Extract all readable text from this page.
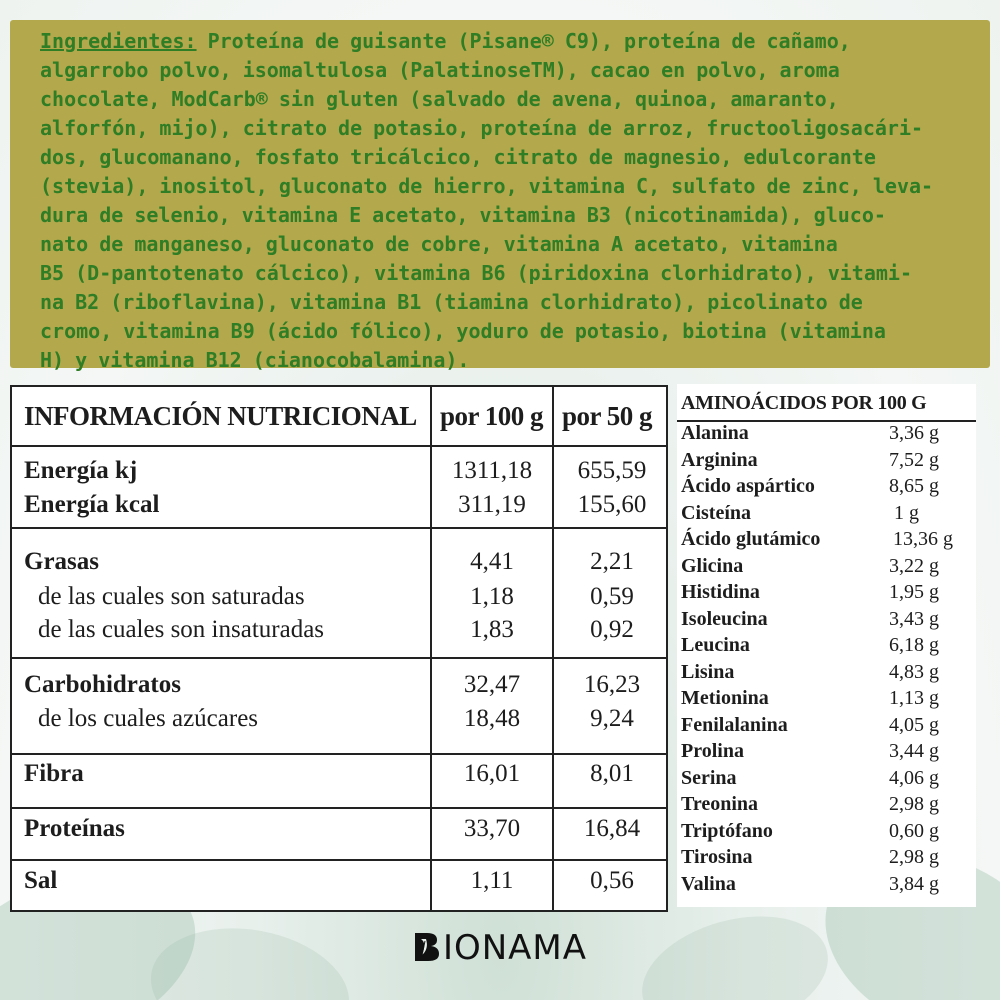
Ingredientes: Proteína de guisante (Pisane® C9), proteína de cañamo,
algarrobo polvo, isomaltulosa (PalatinoseTM), cacao en polvo, aroma
chocolate, ModCarb® sin gluten (salvado de avena, quinoa, amaranto,
alforfón, mijo), citrato de potasio, proteína de arroz, fructooligosacári-
dos, glucomanano, fosfato tricálcico, citrato de magnesio, edulcorante
(stevia), inositol, gluconato de hierro, vitamina C, sulfato de zinc, leva-
dura de selenio, vitamina E acetato, vitamina B3 (nicotinamida), gluco-
nato de manganeso, gluconato de cobre, vitamina A acetato, vitamina
B5 (D-pantotenato cálcico), vitamina B6 (piridoxina clorhidrato), vitami-
na B2 (riboflavina), vitamina B1 (tiamina clorhidrato), picolinato de
cromo, vitamina B9 (ácido fólico), yoduro de potasio, biotina (vitamina
H) y vitamina B12 (cianocobalamina).
INFORMACIÓN NUTRICIONAL por 100 g por 50 g
Energía kj	1311,18	655,59
Energía kcal	311,19	155,60
Grasas	4,41	2,21
de las cuales son saturadas	1,18	0,59
de las cuales son insaturadas	1,83	0,92
Carbohidratos	32,47	16,23
de los cuales azúcares	18,48	9,24
Fibra	16,01	8,01
Proteínas	33,70	16,84
Sal	1,11	0,56
AMINOÁCIDOS POR 100 G
Alanina	3,36 g
Arginina	7,52 g
Ácido aspártico	8,65 g
Cisteína	1 g
Ácido glutámico	13,36 g
Glicina	3,22 g
Histidina	1,95 g
Isoleucina	3,43 g
Leucina	6,18 g
Lisina	4,83 g
Metionina	1,13 g
Fenilalanina	4,05 g
Prolina	3,44 g
Serina	4,06 g
Treonina	2,98 g
Triptófano	0,60 g
Tirosina	2,98 g
Valina	3,84 g
IONAMA
